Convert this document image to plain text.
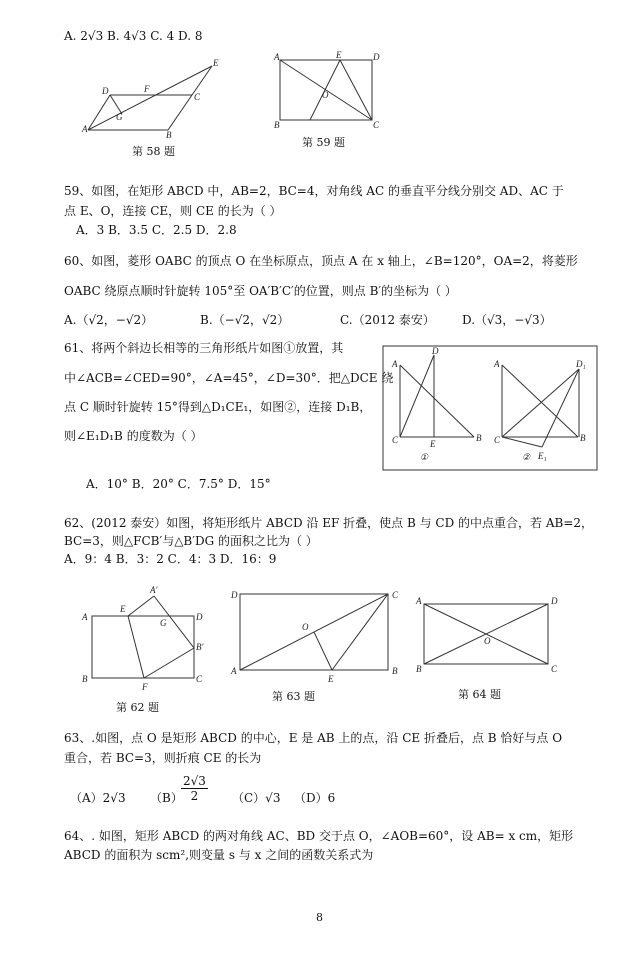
A. 2√3 B. 4√3 C. 4 D. 8
A
B
C
D
E
F
G
第 58 题
A
B	C
D
E
O
第 59 题
59、如图，在矩形 ABCD 中，AB=2，BC=4，对角线 AC 的垂直平分线分别交 AD、AC 于
点 E、O，连接 CE，则 CE 的长为（ ）
A．3 B．3.5 C．2.5 D．2.8
60、如图，菱形 OABC 的顶点 O 在坐标原点，顶点 A 在 x 轴上，∠B=120°，OA=2，将菱形
OABC 绕原点顺时针旋转 105°至 OA′B′C′的位置，则点 B′的坐标为（ ）
A.（√2，−√2）	B.（−√2，√2）	C.（2012 泰安） D.（√3，−√3）
61、将两个斜边长相等的三角形纸片如图①放置，其
中∠ACB=∠CED=90°，∠A=45°，∠D=30°．把△DCE 绕
点 C 顺时针旋转 15°得到△D₁CE₁，如图②，连接 D₁B，
则∠E₁D₁B 的度数为（ ）
A．10° B．20° C．7.5° D．15°
A
D
C	E
B
①
A	D₁
C
E₁
B
②
62、(2012 泰安）如图，将矩形纸片 ABCD 沿 EF 折叠，使点 B 与 CD 的中点重合，若 AB=2，
BC=3，则△FCB′与△B′DG 的面积之比为（ ）
A．9：4 B．3：2 C．4：3 D．16：9
A
B	C
D
E
F
G
A′
B′
第 62 题
D
A
C
B
O
E
第 63 题
A
B	C
D
O
第 64 题
63、.如图，点 O 是矩形 ABCD 的中心，E 是 AB 上的点，沿 CE 折叠后，点 B 恰好与点 O
重合，若 BC=3，则折痕 CE 的长为
（A）2√3 （B）
$\frac{2√3}{2} (C)√3$ （D）6
64、. 如图，矩形 ABCD 的两对角线 AC、BD 交于点 O，∠AOB=60°，设 AB= x cm，矩形
ABCD 的面积为 scm²,则变量 s 与 x 之间的函数关系式为
8
